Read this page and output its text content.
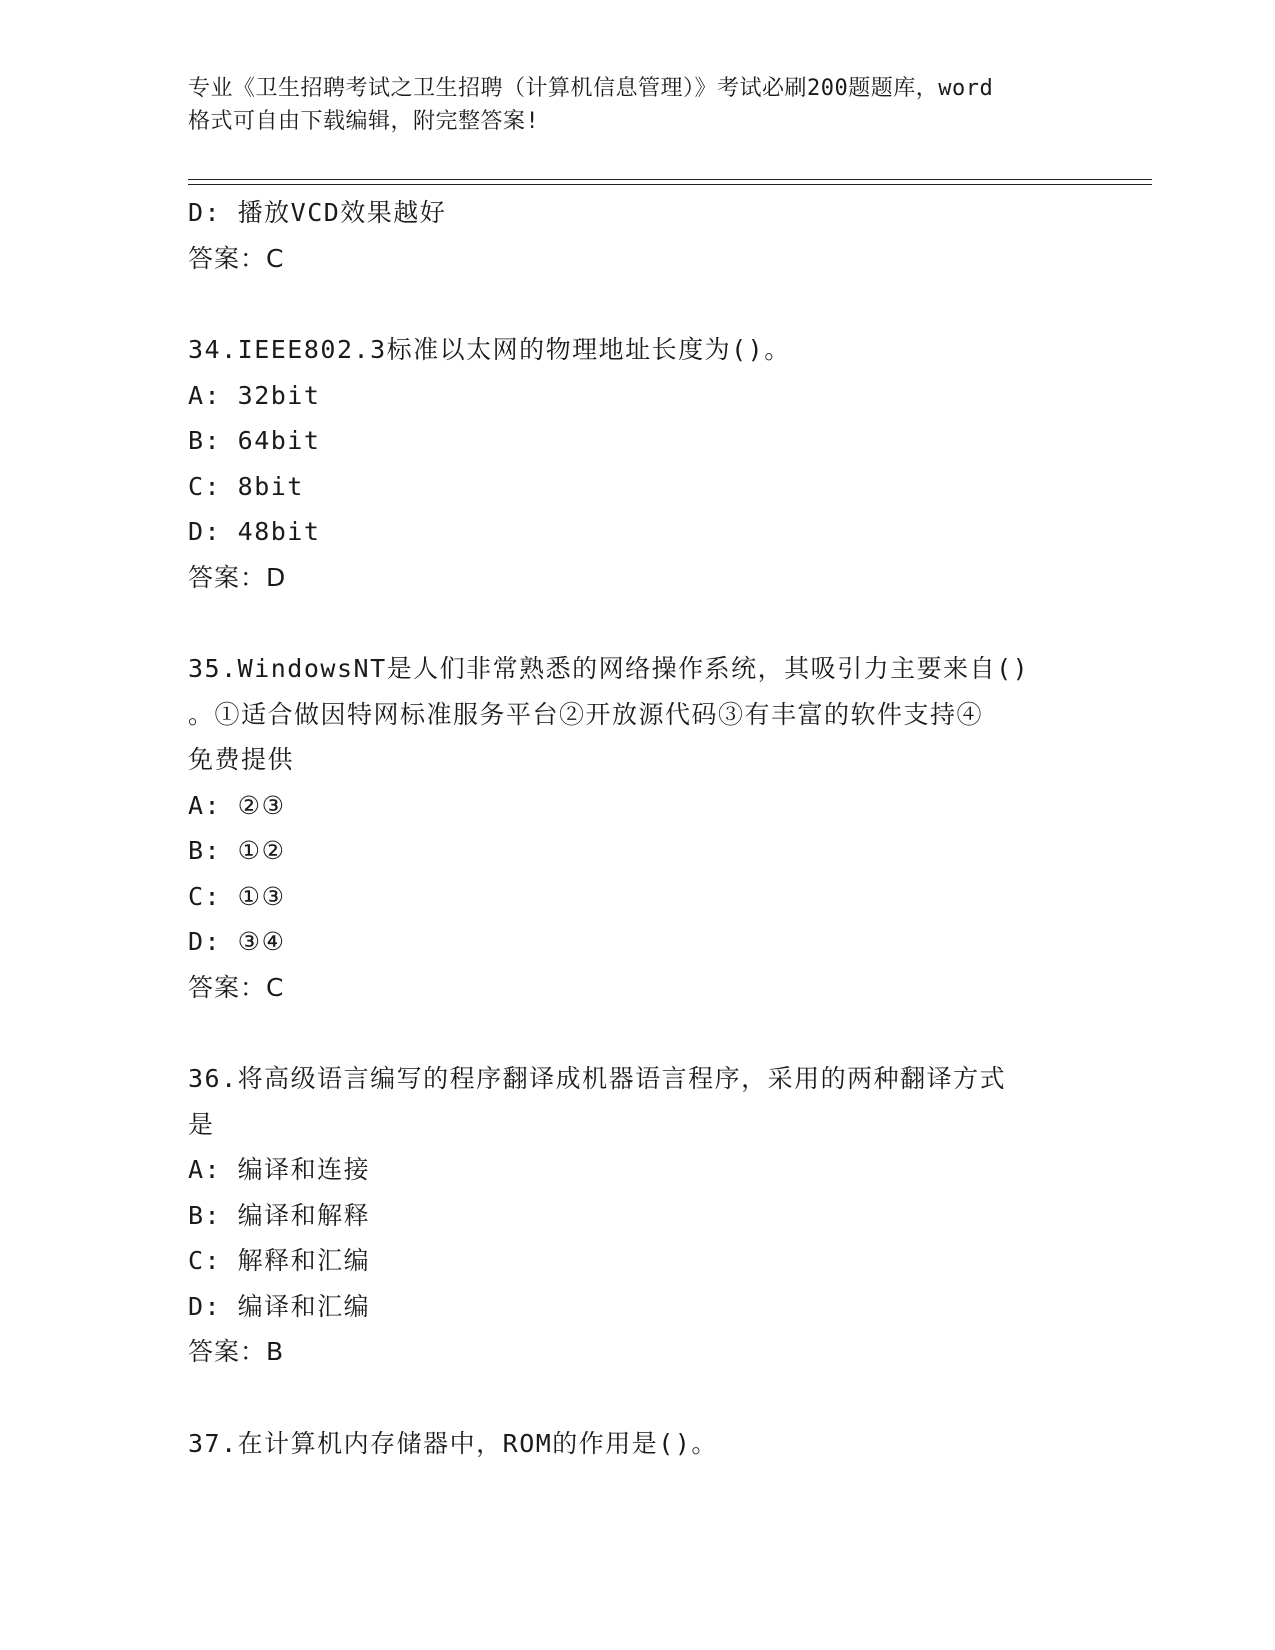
专业《卫生招聘考试之卫生招聘（计算机信息管理）》考试必刷200题题库，word
格式可自由下载编辑，附完整答案!
D: 播放VCD效果越好
答案：C
34.IEEE802.3标准以太网的物理地址长度为()。
A: 32bit
B: 64bit
C: 8bit
D: 48bit
答案：D
35.WindowsNT是人们非常熟悉的网络操作系统，其吸引力主要来自()
。①适合做因特网标准服务平台②开放源代码③有丰富的软件支持④
免费提供
A: ②③
B: ①②
C: ①③
D: ③④
答案：C
36.将高级语言编写的程序翻译成机器语言程序，采用的两种翻译方式
是
A: 编译和连接
B: 编译和解释
C: 解释和汇编
D: 编译和汇编
答案：B
37.在计算机内存储器中，ROM的作用是()。
